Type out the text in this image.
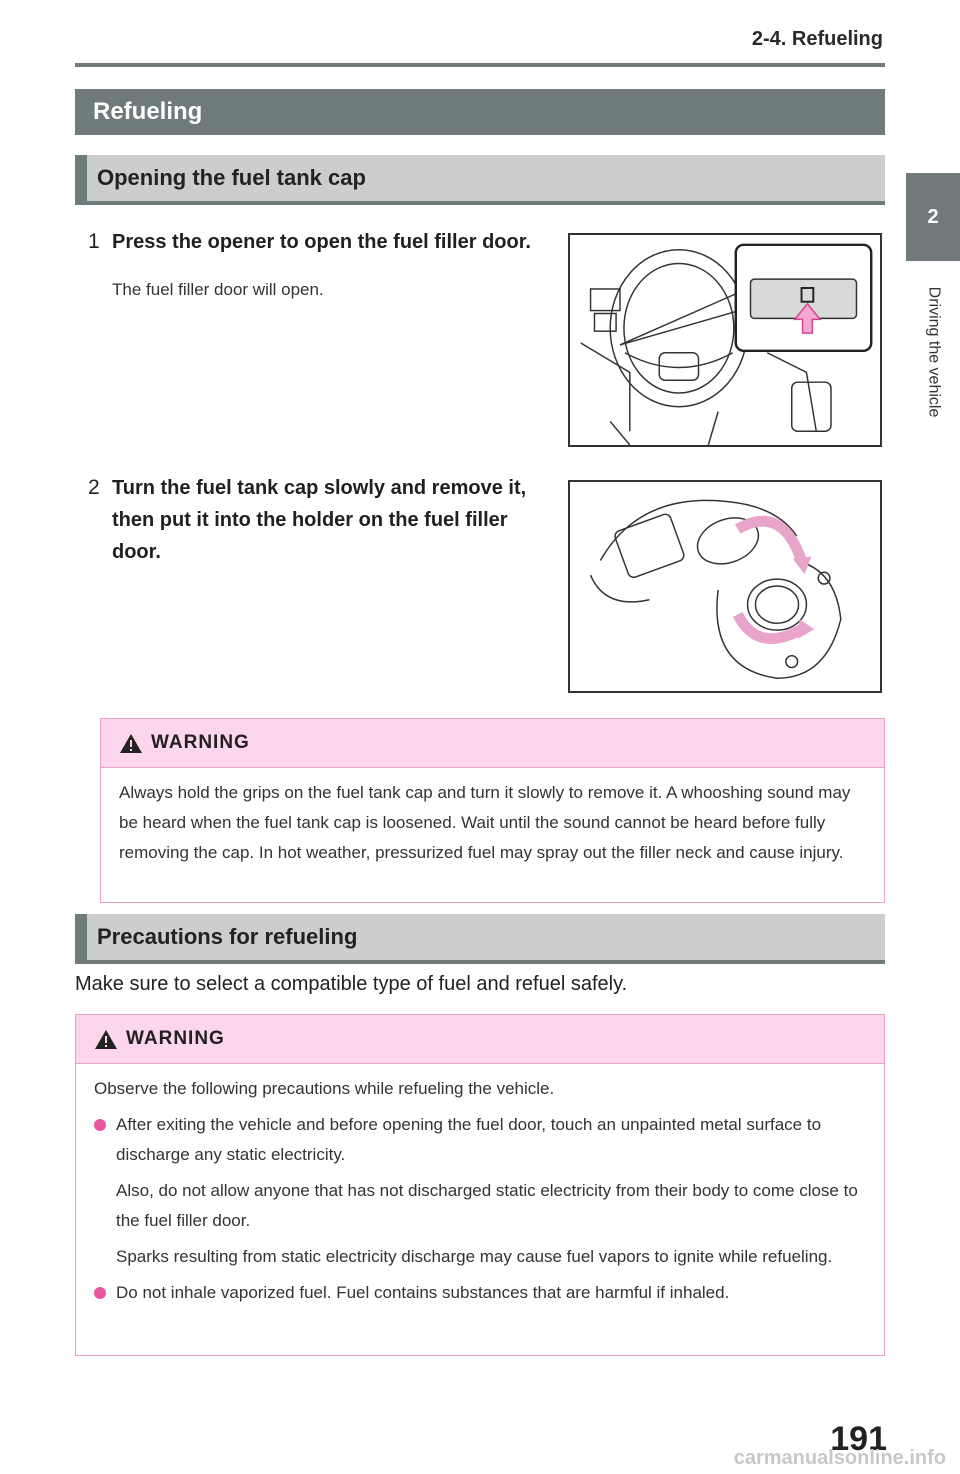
2-4. Refueling
2
Driving the vehicle
Refueling
Opening the fuel tank cap
1 Press the opener to open the fuel filler door.
The fuel filler door will open.
2 Turn the fuel tank cap slowly and remove it, then put it into the holder on the fuel filler door.
WARNING
Always hold the grips on the fuel tank cap and turn it slowly to remove it. A whooshing sound may be heard when the fuel tank cap is loosened. Wait until the sound cannot be heard before fully removing the cap. In hot weather, pressurized fuel may spray out the filler neck and cause injury.
Precautions for refueling
Make sure to select a compatible type of fuel and refuel safely.
WARNING
Observe the following precautions while refueling the vehicle.

After exiting the vehicle and before opening the fuel door, touch an unpainted metal surface to discharge any static electricity.

Also, do not allow anyone that has not discharged static electricity from their body to come close to the fuel filler door.

Sparks resulting from static electricity discharge may cause fuel vapors to ignite while refueling.

Do not inhale vaporized fuel. Fuel contains substances that are harmful if inhaled.

191
carmanualsonline.info
